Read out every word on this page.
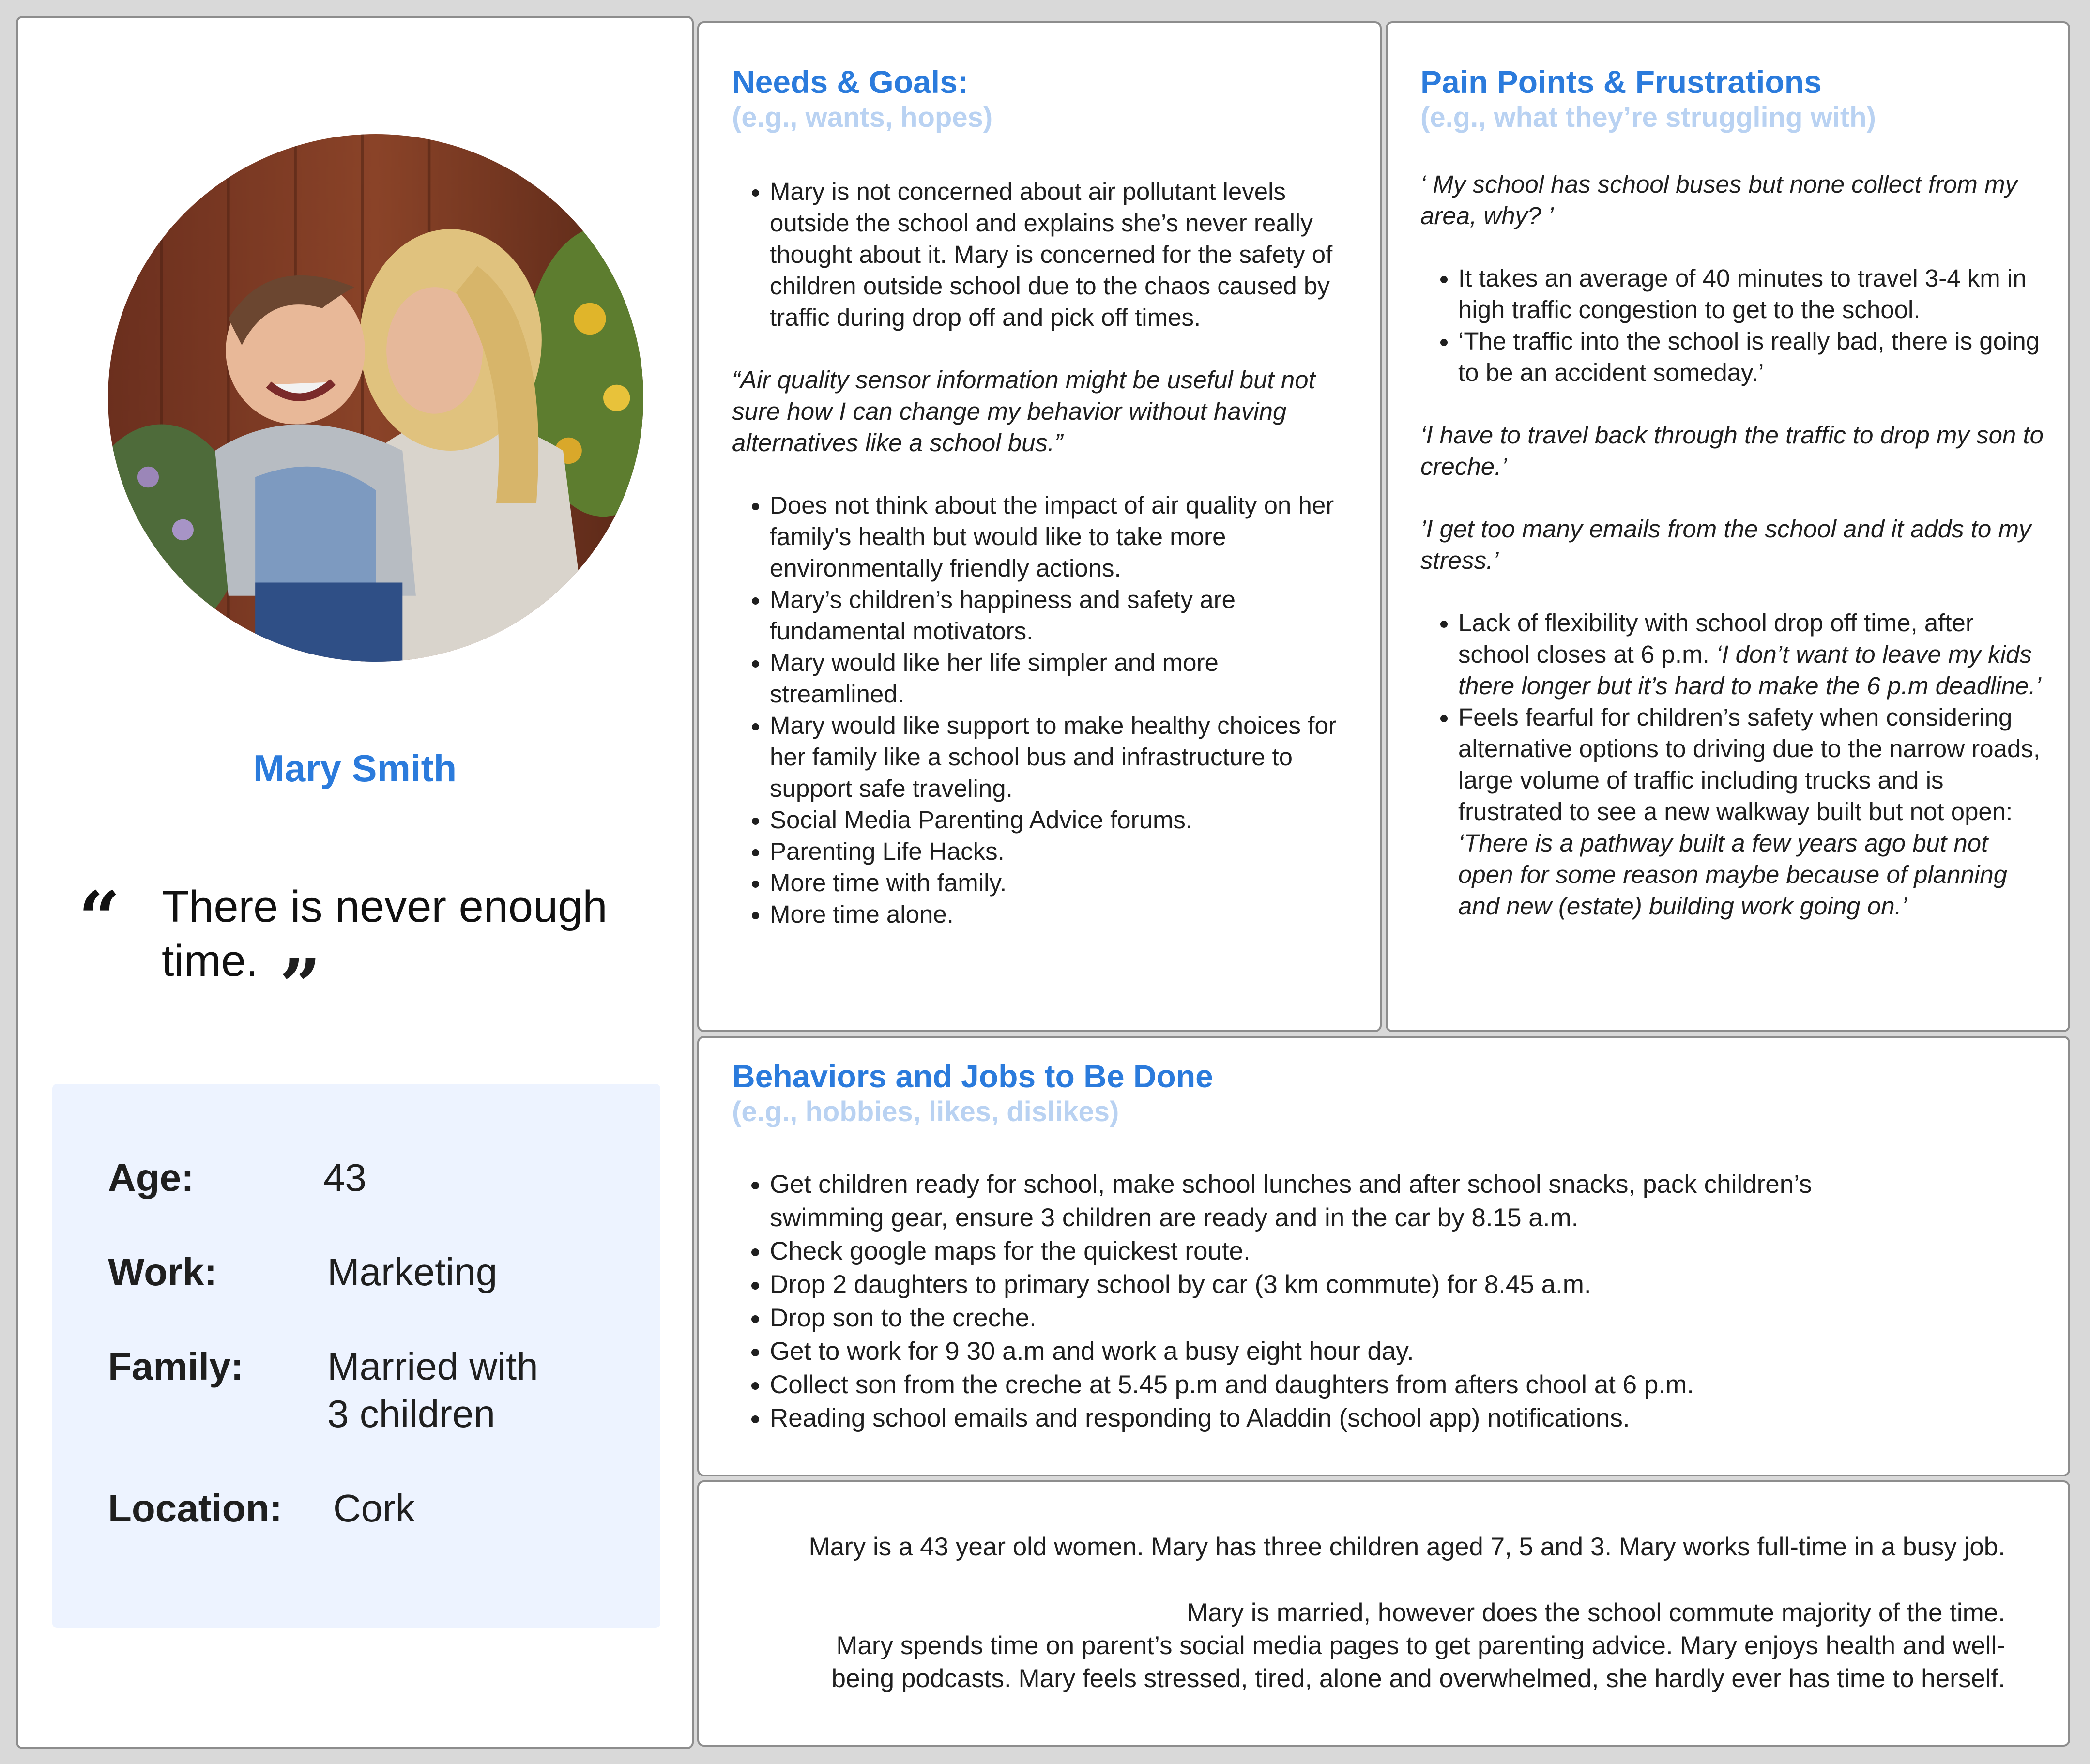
Mary Smith
“ There is never enough time. ”
Age:	43
Work:	Marketing
Family: Married with
3 children
Location: Cork
Needs & Goals:
(e.g., wants, hopes)
• Mary is not concerned about air pollutant levels outside the school and explains she’s never really thought about it. Mary is concerned for the safety of children outside school due to the chaos caused by traffic during drop off and pick off times.

“Air quality sensor information might be useful but not sure how I can change my behavior without having alternatives like a school bus.”

• Does not think about the impact of air quality on her family's health but would like to take more environmentally friendly actions.
• Mary’s children’s happiness and safety are fundamental motivators.
• Mary would like her life simpler and more streamlined.
• Mary would like support to make healthy choices for her family like a school bus and infrastructure to support safe traveling.
• Social Media Parenting Advice forums.
• Parenting Life Hacks.
• More time with family.
• More time alone.
Pain Points & Frustrations
(e.g., what they’re struggling with)

‘ My school has school buses but none collect from my area, why? ’

• It takes an average of 40 minutes to travel 3-4 km in high traffic congestion to get to the school.
• ‘The traffic into the school is really bad, there is going to be an accident someday.’

‘I have to travel back through the traffic to drop my son to creche.’

’I get too many emails from the school and it adds to my stress.’

• Lack of flexibility with school drop off time, after school closes at 6 p.m. ‘I don’t want to leave my kids there longer but it’s hard to make the 6 p.m deadline.’
• Feels fearful for children’s safety when considering alternative options to driving due to the narrow roads, large volume of traffic including trucks and is frustrated to see a new walkway built but not open: ‘There is a pathway built a few years ago but not open for some reason maybe because of planning and new (estate) building work going on.’
Behaviors and Jobs to Be Done
(e.g., hobbies, likes, dislikes)
• Get children ready for school, make school lunches and after school snacks, pack children’s swimming gear, ensure 3 children are ready and in the car by 8.15 a.m.
• Check google maps for the quickest route.
• Drop 2 daughters to primary school by car (3 km commute) for 8.45 a.m.
• Drop son to the creche.
• Get to work for 9 30 a.m and work a busy eight hour day.
• Collect son from the creche at 5.45 p.m and daughters from afters chool at 6 p.m.
• Reading school emails and responding to Aladdin (school app) notifications.

Mary is a 43 year old women. Mary has three children aged 7, 5 and 3. Mary works full-time in a busy job.

Mary is married, however does the school commute majority of the time.

Mary spends time on parent’s social media pages to get parenting advice. Mary enjoys health and well-

being podcasts. Mary feels stressed, tired, alone and overwhelmed, she hardly ever has time to herself.
